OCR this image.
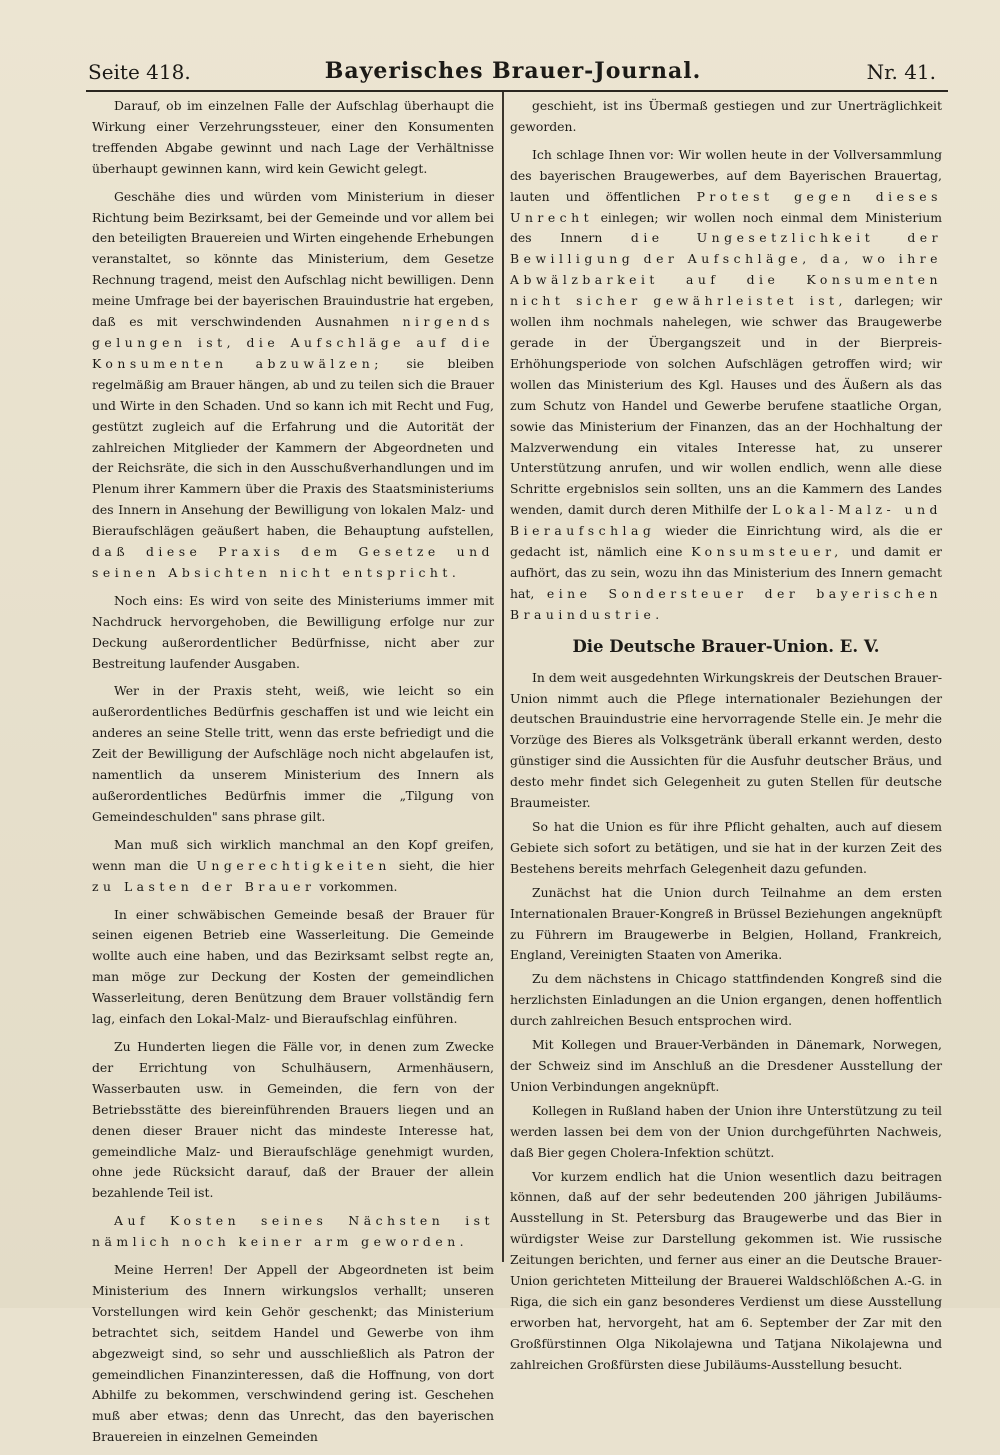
Seite 418.	Bayerisches Brauer-Journal.	Nr. 41.

Darauf, ob im einzelnen Falle der Aufschlag überhaupt die Wirkung einer Verzehrungssteuer, einer den Konsumenten treffenden Abgabe gewinnt und nach Lage der Verhältnisse überhaupt gewinnen kann, wird kein Gewicht gelegt.

Geschähe dies und würden vom Ministerium in dieser Richtung beim Bezirksamt, bei der Gemeinde und vor allem bei den beteiligten Brauereien und Wirten eingehende Erhebungen veranstaltet, so könnte das Ministerium, dem Gesetze Rechnung tragend, meist den Aufschlag nicht bewilligen. Denn meine Umfrage bei der bayerischen Brauindustrie hat ergeben, daß es mit verschwindenden Ausnahmen nirgends gelungen ist, die Aufschläge auf die Konsumenten abzuwälzen; sie bleiben regelmäßig am Brauer hängen, ab und zu teilen sich die Brauer und Wirte in den Schaden. Und so kann ich mit Recht und Fug, gestützt zugleich auf die Erfahrung und die Autorität der zahlreichen Mitglieder der Kammern der Abgeordneten und der Reichsräte, die sich in den Ausschußverhandlungen und im Plenum ihrer Kammern über die Praxis des Staatsministeriums des Innern in Ansehung der Bewilligung von lokalen Malz- und Bieraufschlägen geäußert haben, die Behauptung aufstellen, daß diese Praxis dem Gesetze und seinen Absichten nicht entspricht.

Noch eins: Es wird von seite des Ministeriums immer mit Nachdruck hervorgehoben, die Bewilligung erfolge nur zur Deckung außerordentlicher Bedürfnisse, nicht aber zur Bestreitung laufender Ausgaben.

Wer in der Praxis steht, weiß, wie leicht so ein außerordentliches Bedürfnis geschaffen ist und wie leicht ein anderes an seine Stelle tritt, wenn das erste befriedigt und die Zeit der Bewilligung der Aufschläge noch nicht abgelaufen ist, namentlich da unserem Ministerium des Innern als außerordentliches Bedürfnis immer die „Tilgung von Gemeindeschulden" sans phrase gilt.

Man muß sich wirklich manchmal an den Kopf greifen, wenn man die Ungerechtigkeiten sieht, die hier zu Lasten der Brauer vorkommen.

In einer schwäbischen Gemeinde besaß der Brauer für seinen eigenen Betrieb eine Wasserleitung. Die Gemeinde wollte auch eine haben, und das Bezirksamt selbst regte an, man möge zur Deckung der Kosten der gemeindlichen Wasserleitung, deren Benützung dem Brauer vollständig fern lag, einfach den Lokal-Malz- und Bieraufschlag einführen.

Zu Hunderten liegen die Fälle vor, in denen zum Zwecke der Errichtung von Schulhäusern, Armenhäusern, Wasserbauten usw. in Gemeinden, die fern von der Betriebsstätte des biereinführenden Brauers liegen und an denen dieser Brauer nicht das mindeste Interesse hat, gemeindliche Malz- und Bieraufschläge genehmigt wurden, ohne jede Rücksicht darauf, daß der Brauer der allein bezahlende Teil ist.

Auf Kosten seines Nächsten ist nämlich noch keiner arm geworden.

Meine Herren! Der Appell der Abgeordneten ist beim Ministerium des Innern wirkungslos verhallt; unseren Vorstellungen wird kein Gehör geschenkt; das Ministerium betrachtet sich, seitdem Handel und Gewerbe von ihm abgezweigt sind, so sehr und ausschließlich als Patron der gemeindlichen Finanzinteressen, daß die Hoffnung, von dort Abhilfe zu bekommen, verschwindend gering ist. Geschehen muß aber etwas; denn das Unrecht, das den bayerischen Brauereien in einzelnen Gemeinden

geschieht, ist ins Übermaß gestiegen und zur Unerträglichkeit geworden.

Ich schlage Ihnen vor: Wir wollen heute in der Vollversammlung des bayerischen Braugewerbes, auf dem Bayerischen Brauertag, lauten und öffentlichen Protest gegen dieses Unrecht einlegen; wir wollen noch einmal dem Ministerium des Innern die Ungesetzlichkeit der Bewilligung der Aufschläge, da, wo ihre Abwälzbarkeit auf die Konsumenten nicht sicher gewährleistet ist, darlegen; wir wollen ihm nochmals nahelegen, wie schwer das Braugewerbe gerade in der Übergangszeit und in der Bierpreis-Erhöhungsperiode von solchen Aufschlägen getroffen wird; wir wollen das Ministerium des Kgl. Hauses und des Äußern als das zum Schutz von Handel und Gewerbe berufene staatliche Organ, sowie das Ministerium der Finanzen, das an der Hochhaltung der Malzverwendung ein vitales Interesse hat, zu unserer Unterstützung anrufen, und wir wollen endlich, wenn alle diese Schritte ergebnislos sein sollten, uns an die Kammern des Landes wenden, damit durch deren Mithilfe der Lokal-Malz- und Bieraufschlag wieder die Einrichtung wird, als die er gedacht ist, nämlich eine Konsumsteuer, und damit er aufhört, das zu sein, wozu ihn das Ministerium des Innern gemacht hat, eine Sondersteuer der bayerischen Brauindustrie.

Die Deutsche Brauer-Union. E. V.

In dem weit ausgedehnten Wirkungskreis der Deutschen Brauer-Union nimmt auch die Pflege internationaler Beziehungen der deutschen Brauindustrie eine hervorragende Stelle ein. Je mehr die Vorzüge des Bieres als Volksgetränk überall erkannt werden, desto günstiger sind die Aussichten für die Ausfuhr deutscher Bräus, und desto mehr findet sich Gelegenheit zu guten Stellen für deutsche Braumeister.

So hat die Union es für ihre Pflicht gehalten, auch auf diesem Gebiete sich sofort zu betätigen, und sie hat in der kurzen Zeit des Bestehens bereits mehrfach Gelegenheit dazu gefunden.

Zunächst hat die Union durch Teilnahme an dem ersten Internationalen Brauer-Kongreß in Brüssel Beziehungen angeknüpft zu Führern im Braugewerbe in Belgien, Holland, Frankreich, England, Vereinigten Staaten von Amerika.

Zu dem nächstens in Chicago stattfindenden Kongreß sind die herzlichsten Einladungen an die Union ergangen, denen hoffentlich durch zahlreichen Besuch entsprochen wird.

Mit Kollegen und Brauer-Verbänden in Dänemark, Norwegen, der Schweiz sind im Anschluß an die Dresdener Ausstellung der Union Verbindungen angeknüpft.

Kollegen in Rußland haben der Union ihre Unterstützung zu teil werden lassen bei dem von der Union durchgeführten Nachweis, daß Bier gegen Cholera-Infektion schützt.

Vor kurzem endlich hat die Union wesentlich dazu beitragen können, daß auf der sehr bedeutenden 200 jährigen Jubiläums-Ausstellung in St. Petersburg das Braugewerbe und das Bier in würdigster Weise zur Darstellung gekommen ist. Wie russische Zeitungen berichten, und ferner aus einer an die Deutsche Brauer-Union gerichteten Mitteilung der Brauerei Waldschlößchen A.-G. in Riga, die sich ein ganz besonderes Verdienst um diese Ausstellung erworben hat, hervorgeht, hat am 6. September der Zar mit den Großfürstinnen Olga Nikolajewna und Tatjana Nikolajewna und zahlreichen Großfürsten diese Jubiläums-Ausstellung besucht.
